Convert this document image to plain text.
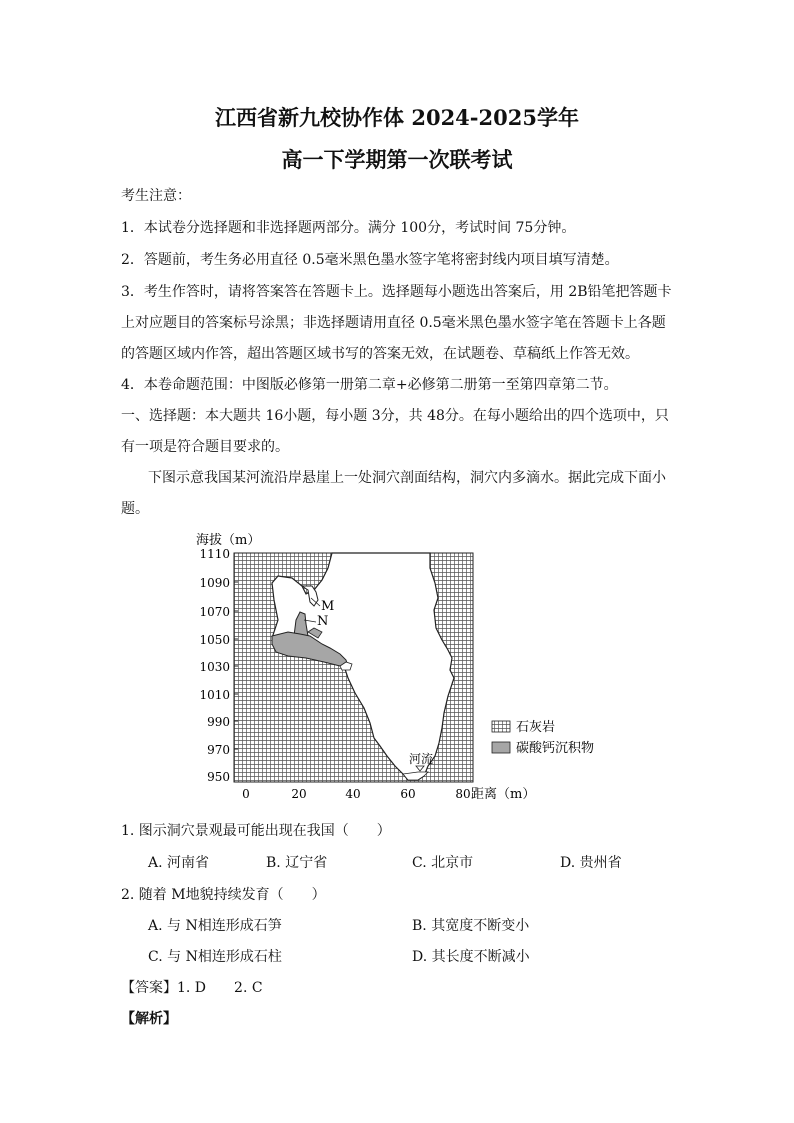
江西省新九校协作体 2024-2025学年
高一下学期第一次联考试
考生注意：
1．本试卷分选择题和非选择题两部分。满分 100分，考试时间 75分钟。
2．答题前，考生务必用直径 0.5毫米黑色墨水签字笔将密封线内项目填写清楚。
3．考生作答时，请将答案答在答题卡上。选择题每小题选出答案后，用 2B铅笔把答题卡
上对应题目的答案标号涂黑；非选择题请用直径 0.5毫米黑色墨水签字笔在答题卡上各题
的答题区域内作答，超出答题区域书写的答案无效，在试题卷、草稿纸上作答无效。
4．本卷命题范围：中图版必修第一册第二章+必修第二册第一至第四章第二节。
一、选择题：本大题共 16小题，每小题 3分，共 48分。在每小题给出的四个选项中，只
有一项是符合题目要求的。
下图示意我国某河流沿岸悬崖上一处洞穴剖面结构，洞穴内多滴水。据此完成下面小
题。
河流
M
N
海拔（m）
1110
1090
1070
1050
1030
1010
990
970
950
0	20	40	60	80 距离（m）
石灰岩
碳酸钙沉积物
1. 图示洞穴景观最可能出现在我国（　　）
A. 河南省	B. 辽宁省	C. 北京市	D. 贵州省
2. 随着 M地貌持续发育（　　）
A. 与 N相连形成石笋	B. 其宽度不断变小
C. 与 N相连形成石柱	D. 其长度不断减小
【答案】1. D　　2. C
【解析】
